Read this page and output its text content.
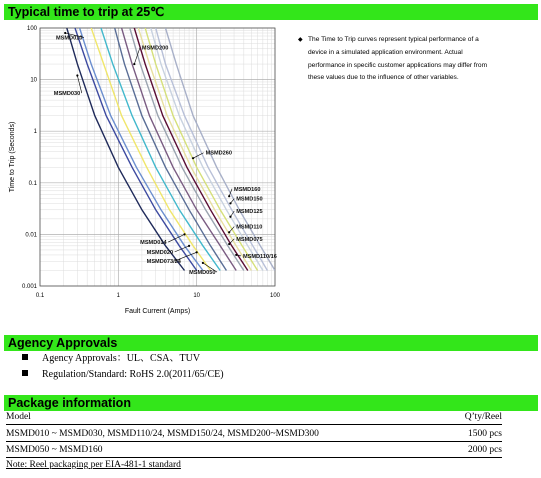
Typical time to trip at 25℃
0.1	1	10	100
100
10
1
0.1
0.01
0.001
Fault Current (Amps)
Time to Trip (Seconds)
MSMD010
MSMD030
MSMD200
MSMD260
MSMD160
MSMD150
MSMD125
MSMD110
MSMD075
MSMD110/16
MSMD014
MSMD020
MSMD073/24
MSMD050
◆ The Time to Trip curves represent typical performance of a device in a simulated application environment. Actual performance in specific customer applications may differ from these values due to the influence of other variables.
Agency Approvals
Agency Approvals：UL、CSA、TUV
Regulation/Standard: RoHS 2.0(2011/65/CE)
Package information
Model	Q’ty/Reel
MSMD010 ~ MSMD030, MSMD110/24, MSMD150/24, MSMD200~MSMD300	1500 pcs
MSMD050 ~ MSMD160	2000 pcs
Note: Reel packaging per EIA-481-1 standard
